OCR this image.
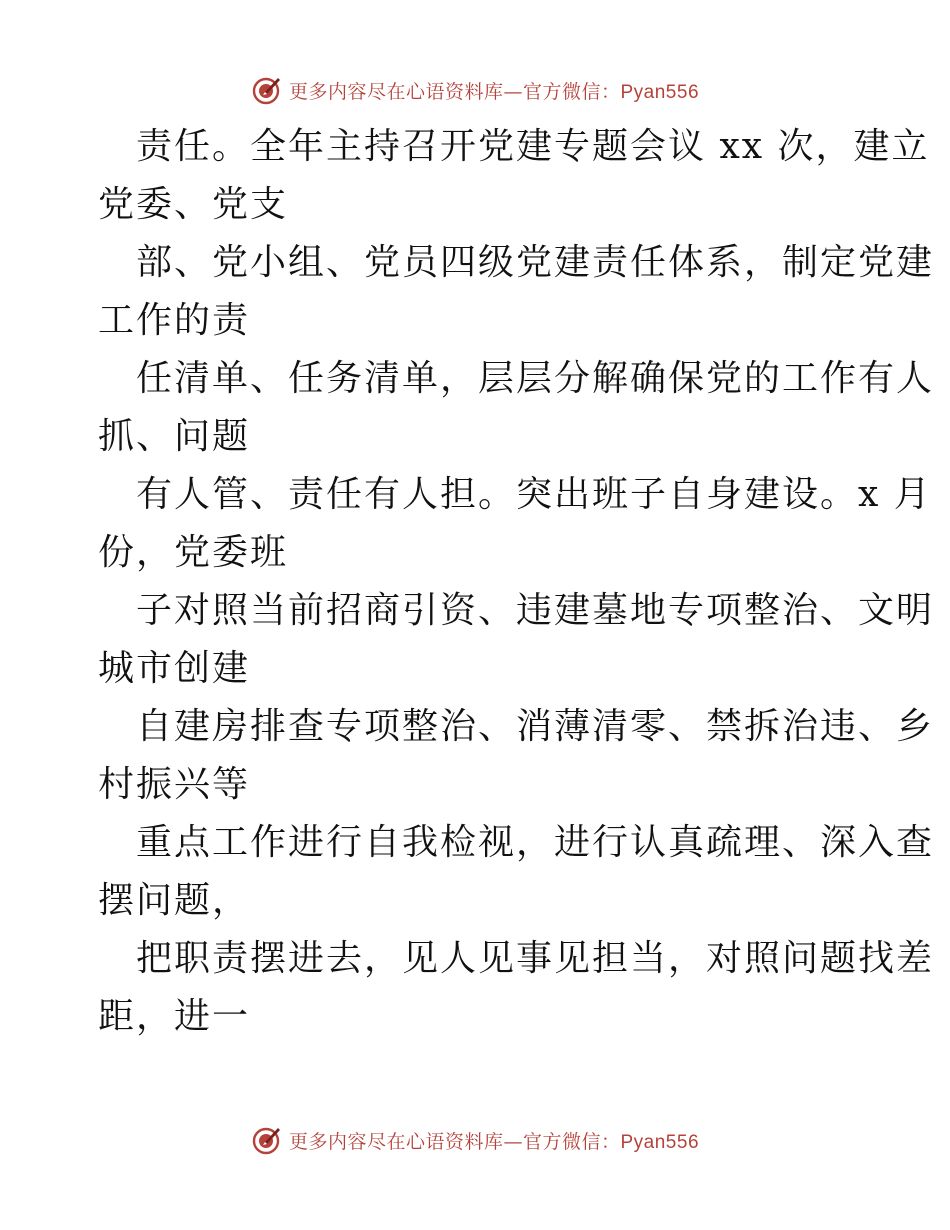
更多内容尽在心语资料库—官方微信：Pyan556
责任。全年主持召开党建专题会议 xx 次，建立
党委、党支
部、党小组、党员四级党建责任体系，制定党建
工作的责
任清单、任务清单，层层分解确保党的工作有人
抓、问题
有人管、责任有人担。突出班子自身建设。x 月
份，党委班
子对照当前招商引资、违建墓地专项整治、文明
城市创建
自建房排查专项整治、消薄清零、禁拆治违、乡
村振兴等
重点工作进行自我检视，进行认真疏理、深入查
摆问题，
把职责摆进去，见人见事见担当，对照问题找差
距，进一
更多内容尽在心语资料库—官方微信：Pyan556
